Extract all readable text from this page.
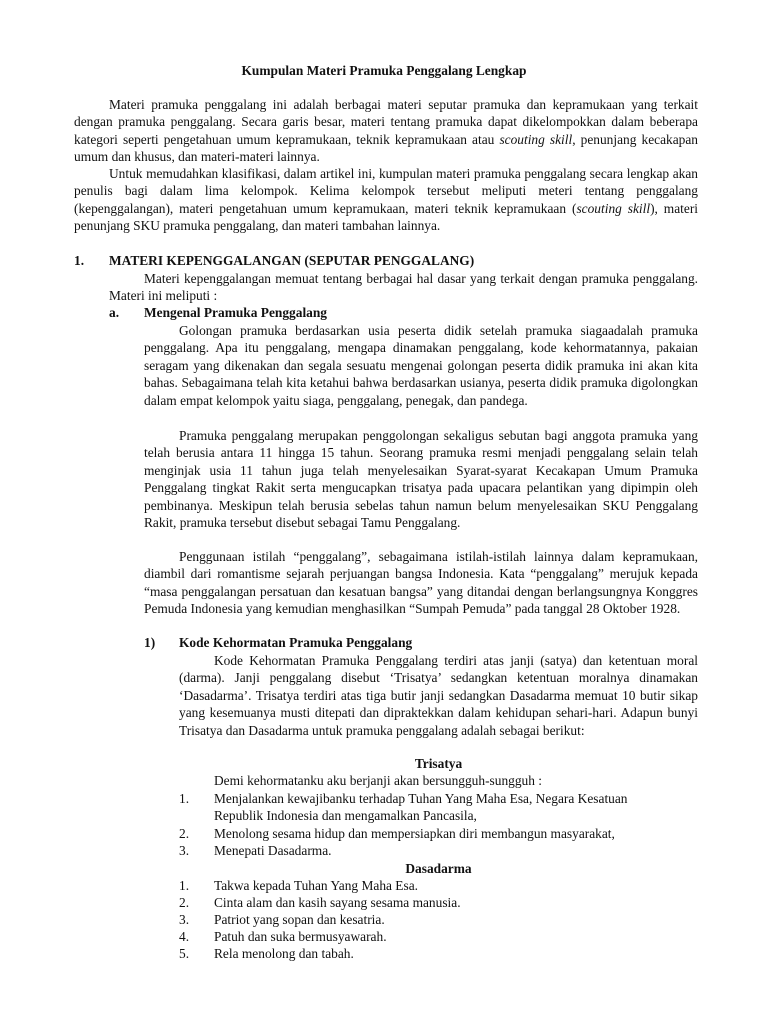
Kumpulan Materi Pramuka Penggalang Lengkap
Materi pramuka penggalang ini adalah berbagai materi seputar pramuka dan kepramukaan yang terkait dengan pramuka penggalang. Secara garis besar, materi tentang pramuka dapat dikelompokkan dalam beberapa kategori seperti pengetahuan umum kepramukaan, teknik kepramukaan atau scouting skill, penunjang kecakapan umum dan khusus, dan materi-materi lainnya.
Untuk memudahkan klasifikasi, dalam artikel ini, kumpulan materi pramuka penggalang secara lengkap akan penulis bagi dalam lima kelompok. Kelima kelompok tersebut meliputi meteri tentang penggalang (kepenggalangan), materi pengetahuan umum kepramukaan, materi teknik kepramukaan (scouting skill), materi penunjang SKU pramuka penggalang, dan materi tambahan lainnya.
1. MATERI KEPENGGALANGAN (SEPUTAR PENGGALANG)
Materi kepenggalangan memuat tentang berbagai hal dasar yang terkait dengan pramuka penggalang. Materi ini meliputi :
a. Mengenal Pramuka Penggalang
Golongan pramuka berdasarkan usia peserta didik setelah pramuka siagaadalah pramuka penggalang. Apa itu penggalang, mengapa dinamakan penggalang, kode kehormatannya, pakaian seragam yang dikenakan dan segala sesuatu mengenai golongan peserta didik pramuka ini akan kita bahas. Sebagaimana telah kita ketahui bahwa berdasarkan usianya, peserta didik pramuka digolongkan dalam empat kelompok yaitu siaga, penggalang, penegak, dan pandega.
Pramuka penggalang merupakan penggolongan sekaligus sebutan bagi anggota pramuka yang telah berusia antara 11 hingga 15 tahun. Seorang pramuka resmi menjadi penggalang selain telah menginjak usia 11 tahun juga telah menyelesaikan Syarat-syarat Kecakapan Umum Pramuka Penggalang tingkat Rakit serta mengucapkan trisatya pada upacara pelantikan yang dipimpin oleh pembinanya. Meskipun telah berusia sebelas tahun namun belum menyelesaikan SKU Penggalang Rakit, pramuka tersebut disebut sebagai Tamu Penggalang.
Penggunaan istilah “penggalang”, sebagaimana istilah-istilah lainnya dalam kepramukaan, diambil dari romantisme sejarah perjuangan bangsa Indonesia. Kata “penggalang” merujuk kepada “masa penggalangan persatuan dan kesatuan bangsa” yang ditandai dengan berlangsungnya Konggres Pemuda Indonesia yang kemudian menghasilkan “Sumpah Pemuda” pada tanggal 28 Oktober 1928.
1) Kode Kehormatan Pramuka Penggalang
Kode Kehormatan Pramuka Penggalang terdiri atas janji (satya) dan ketentuan moral (darma). Janji penggalang disebut ‘Trisatya’ sedangkan ketentuan moralnya dinamakan ‘Dasadarma’. Trisatya terdiri atas tiga butir janji sedangkan Dasadarma memuat 10 butir sikap yang kesemuanya musti ditepati dan dipraktekkan dalam kehidupan sehari-hari. Adapun bunyi Trisatya dan Dasadarma untuk pramuka penggalang adalah sebagai berikut:
Trisatya
Demi kehormatanku aku berjanji akan bersungguh-sungguh :
1. Menjalankan kewajibanku terhadap Tuhan Yang Maha Esa, Negara Kesatuan
Republik Indonesia dan mengamalkan Pancasila,
2. Menolong sesama hidup dan mempersiapkan diri membangun masyarakat,
3. Menepati Dasadarma.
Dasadarma
1. Takwa kepada Tuhan Yang Maha Esa.
2. Cinta alam dan kasih sayang sesama manusia.
3. Patriot yang sopan dan kesatria.
4. Patuh dan suka bermusyawarah.
5. Rela menolong dan tabah.
